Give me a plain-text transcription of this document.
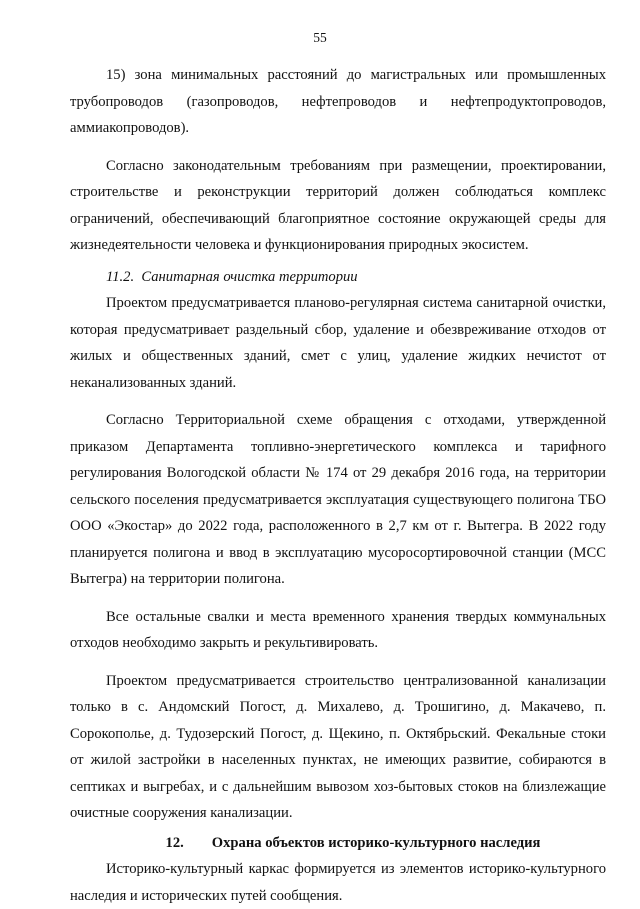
55

15) зона минимальных расстояний до магистральных или промышленных трубопроводов (газопроводов, нефтепроводов и нефтепродуктопроводов, аммиакопроводов).

Согласно законодательным требованиям при размещении, проектировании, строительстве и реконструкции территорий должен соблюдаться комплекс ограничений, обеспечивающий благоприятное состояние окружающей среды для жизнедеятельности человека и функционирования природных экосистем.

11.2. Санитарная очистка территории

Проектом предусматривается планово-регулярная система санитарной очистки, которая предусматривает раздельный сбор, удаление и обезвреживание отходов от жилых и общественных зданий, смет с улиц, удаление жидких нечистот от неканализованных зданий.

Согласно Территориальной схеме обращения с отходами, утвержденной приказом Департамента топливно-энергетического комплекса и тарифного регулирования Вологодской области № 174 от 29 декабря 2016 года, на территории сельского поселения предусматривается эксплуатация существующего полигона ТБО ООО «Экостар» до 2022 года, расположенного в 2,7 км от г. Вытегра. В 2022 году планируется полигона и ввод в эксплуатацию мусоросортировочной станции (МСС Вытегра) на территории полигона.

Все остальные свалки и места временного хранения твердых коммунальных отходов необходимо закрыть и рекультивировать.

Проектом предусматривается строительство централизованной канализации только в с. Андомский Погост, д. Михалево, д. Трошигино, д. Макачево, п. Сорокополье, д. Тудозерский Погост, д. Щекино, п. Октябрьский. Фекальные стоки от жилой застройки в населенных пунктах, не имеющих развитие, собираются в септиках и выгребах, и с дальнейшим вывозом хоз-бытовых стоков на близлежащие очистные сооружения канализации.

12. Охрана объектов историко-культурного наследия

Историко-культурный каркас формируется из элементов историко-культурного наследия и исторических путей сообщения.
